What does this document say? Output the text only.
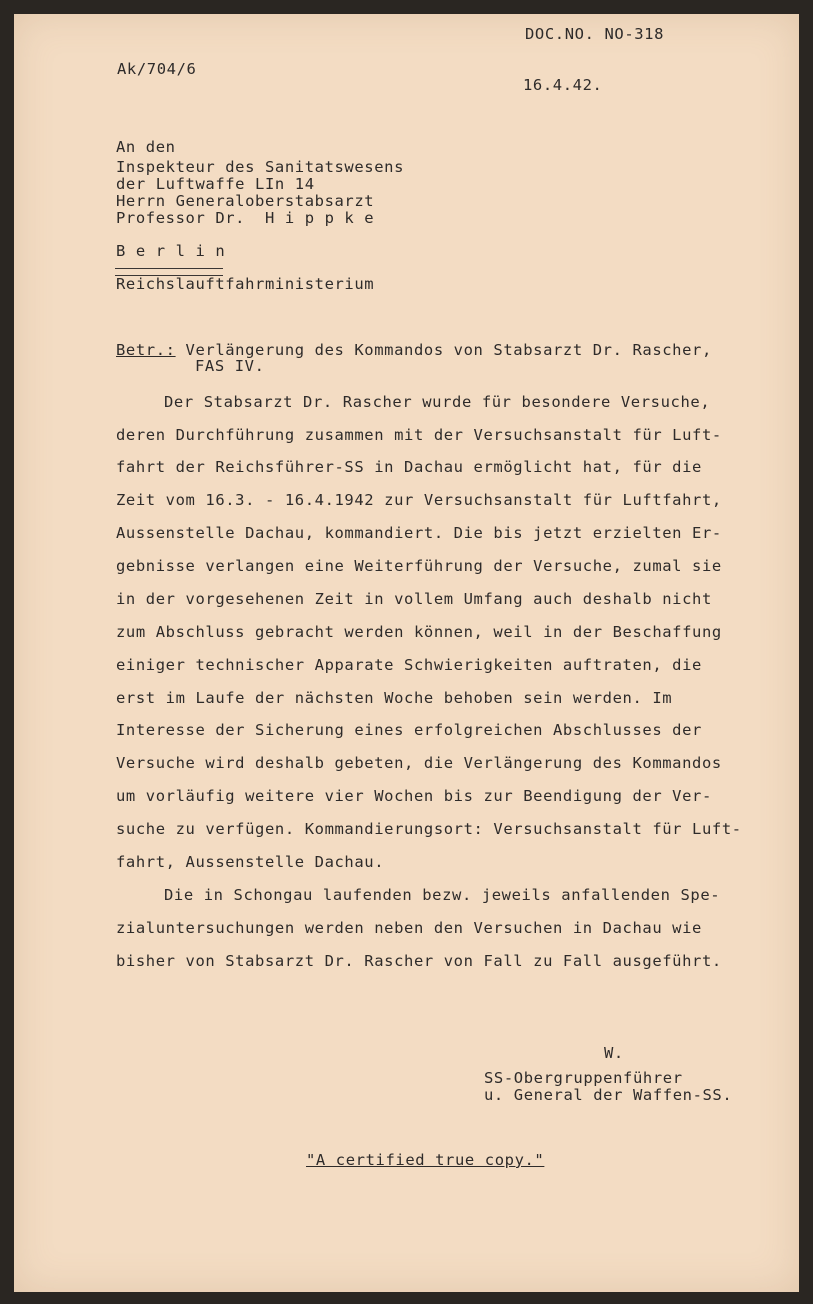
DOC.NO. NO-318
Ak/704/6
16.4.42.
An den
Inspekteur des Sanitatswesens
der Luftwaffe LIn 14
Herrn Generaloberstabsarzt
Professor Dr.  H i p p k e
B e r l i n
Reichslauftfahrministerium
Betr.: Verlängerung des Kommandos von Stabsarzt Dr. Rascher,
FAS IV.
Der Stabsarzt Dr. Rascher wurde für besondere Versuche,
deren Durchführung zusammen mit der Versuchsanstalt für Luft-
fahrt der Reichsführer-SS in Dachau ermöglicht hat, für die
Zeit vom 16.3. - 16.4.1942 zur Versuchsanstalt für Luftfahrt,
Aussenstelle Dachau, kommandiert. Die bis jetzt erzielten Er-
gebnisse verlangen eine Weiterführung der Versuche, zumal sie
in der vorgesehenen Zeit in vollem Umfang auch deshalb nicht
zum Abschluss gebracht werden können, weil in der Beschaffung
einiger technischer Apparate Schwierigkeiten auftraten, die
erst im Laufe der nächsten Woche behoben sein werden. Im
Interesse der Sicherung eines erfolgreichen Abschlusses der
Versuche wird deshalb gebeten, die Verlängerung des Kommandos
um vorläufig weitere vier Wochen bis zur Beendigung der Ver-
suche zu verfügen. Kommandierungsort: Versuchsanstalt für Luft-
fahrt, Aussenstelle Dachau.
Die in Schongau laufenden bezw. jeweils anfallenden Spe-
zialuntersuchungen werden neben den Versuchen in Dachau wie
bisher von Stabsarzt Dr. Rascher von Fall zu Fall ausgeführt.
W.
SS-Obergruppenführer
u. General der Waffen-SS.
"A certified true copy."
